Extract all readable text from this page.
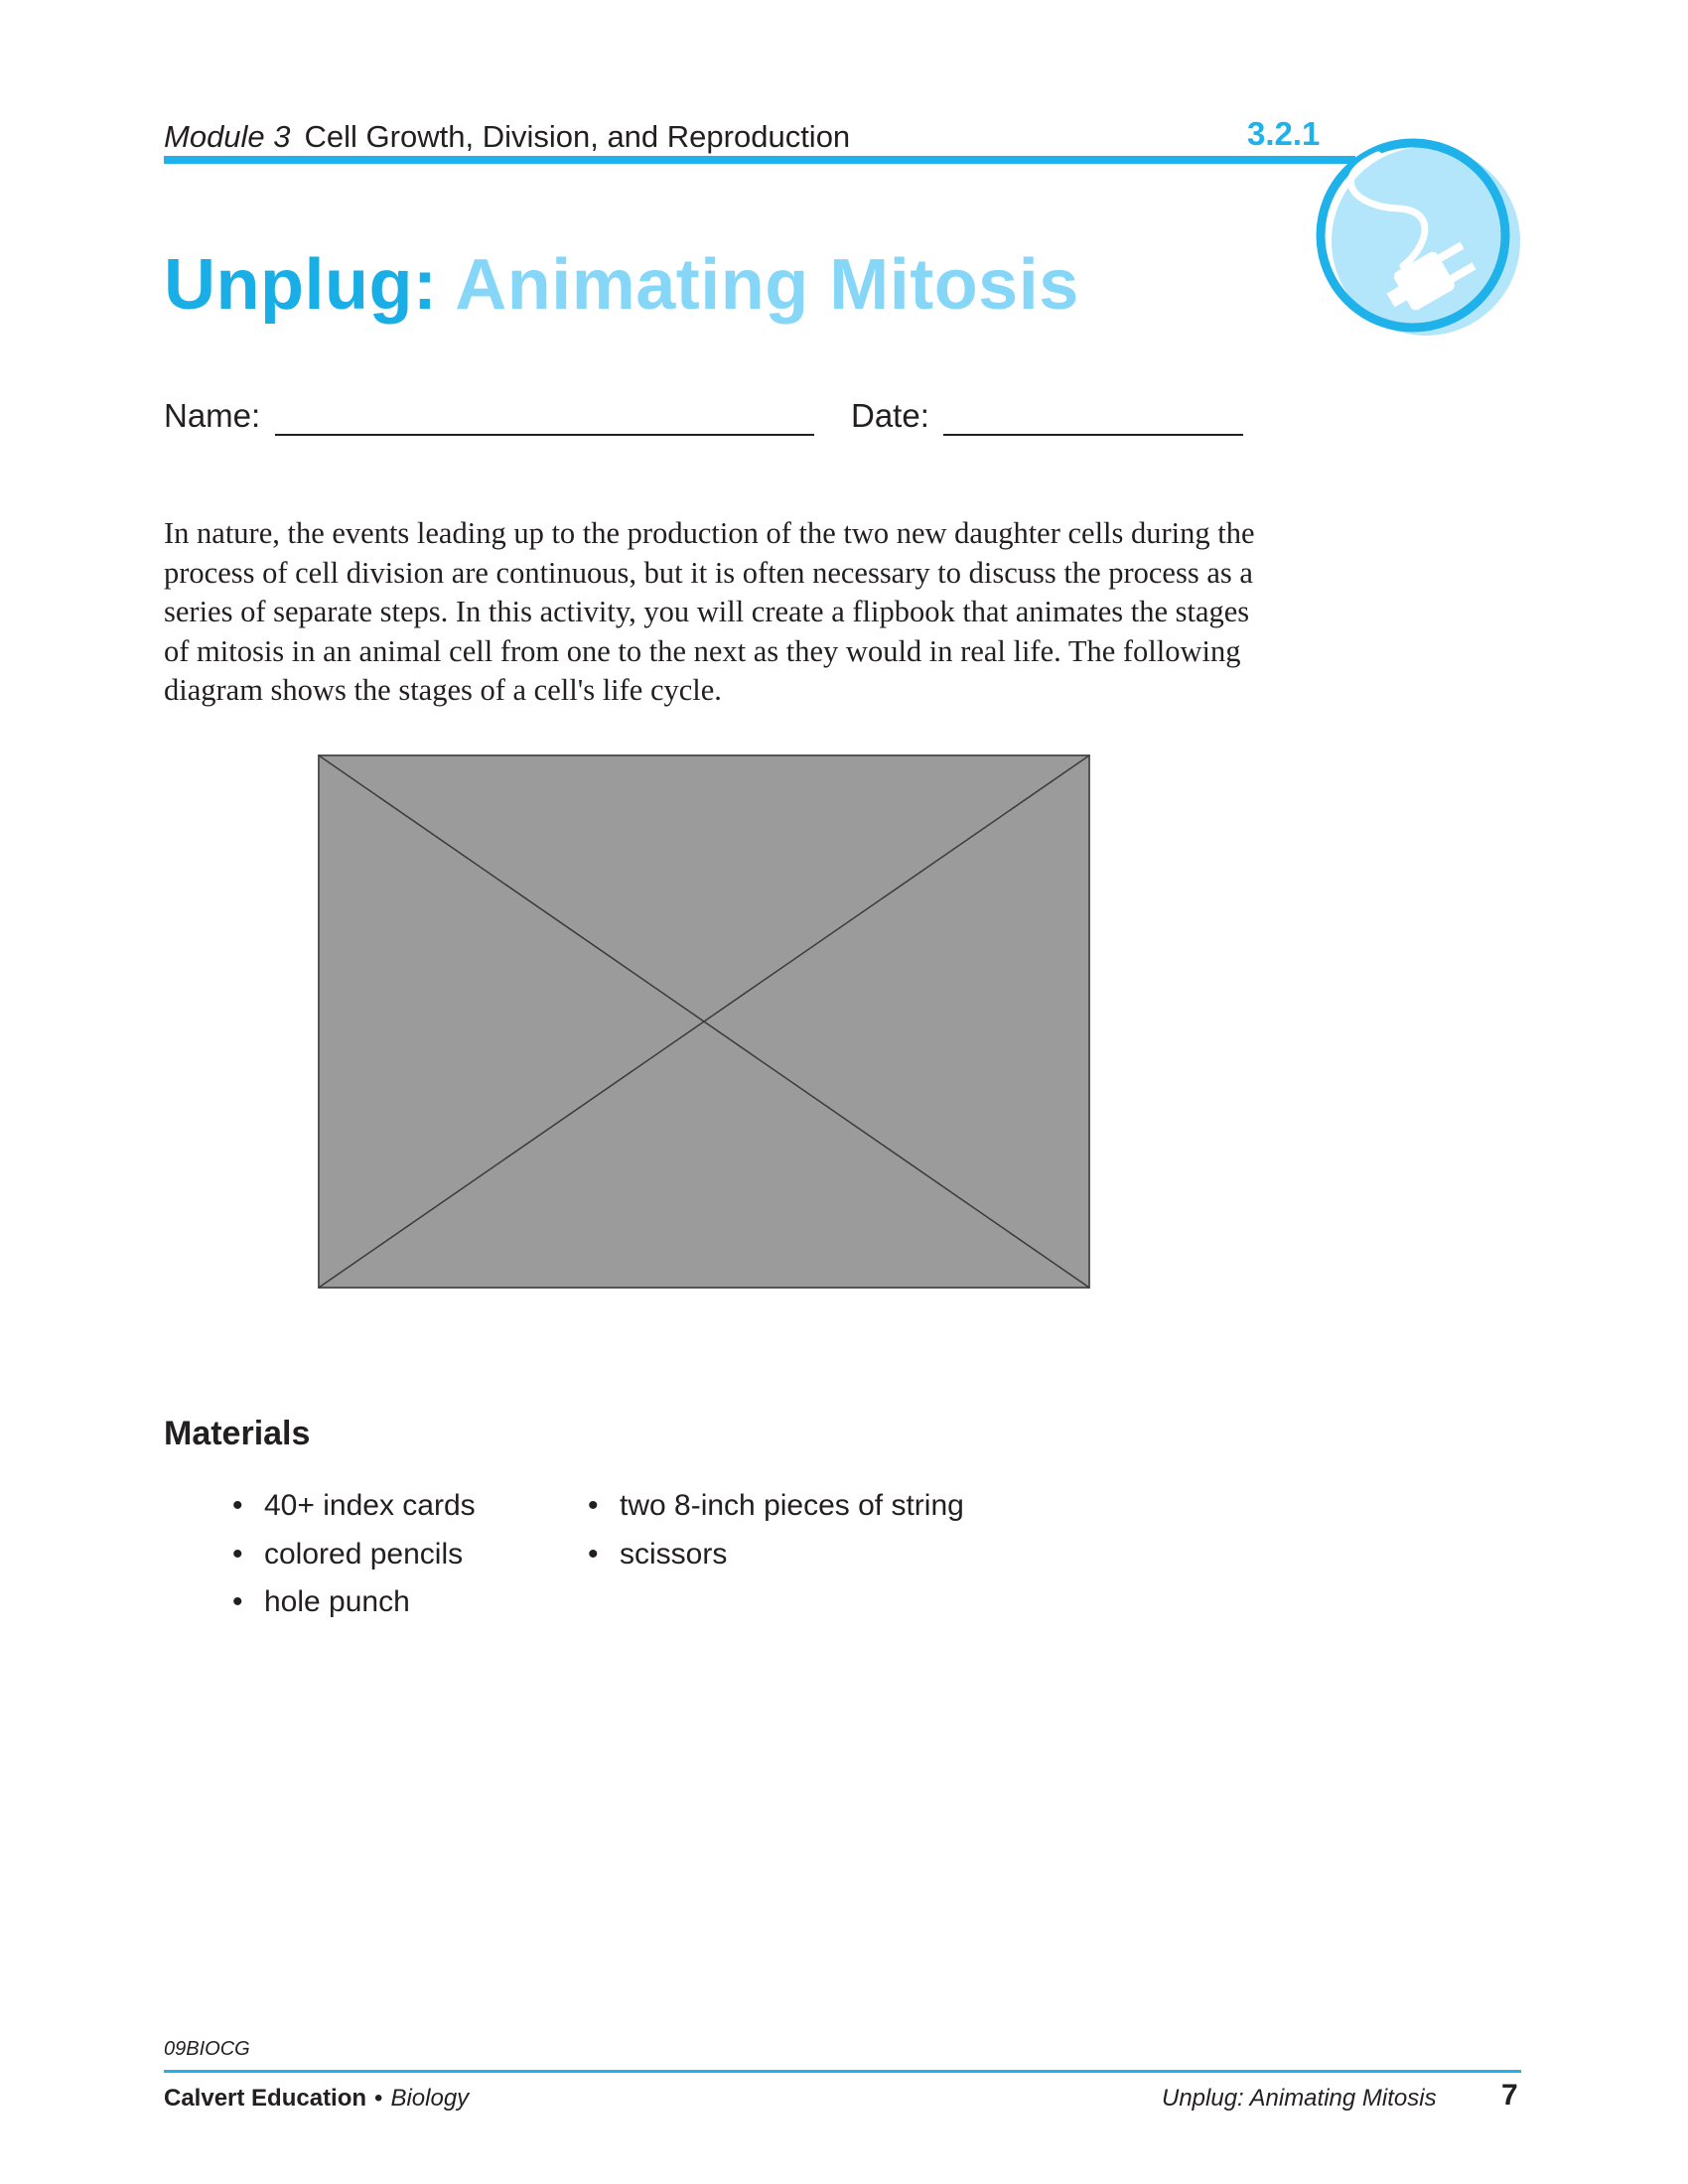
Module 3 Cell Growth, Division, and Reproduction	3.2.1
Unplug: Animating Mitosis
Name:	Date:
In nature, the events leading up to the production of the two new daughter cells during the process of cell division are continuous, but it is often necessary to discuss the process as a series of separate steps. In this activity, you will create a flipbook that animates the stages of mitosis in an animal cell from one to the next as they would in real life. The following diagram shows the stages of a cell's life cycle.
Materials
• 40+ index cards
• colored pencils
• hole punch
• two 8-inch pieces of string
• scissors
09BIOCG
Calvert Education • Biology	Unplug: Animating Mitosis 7
